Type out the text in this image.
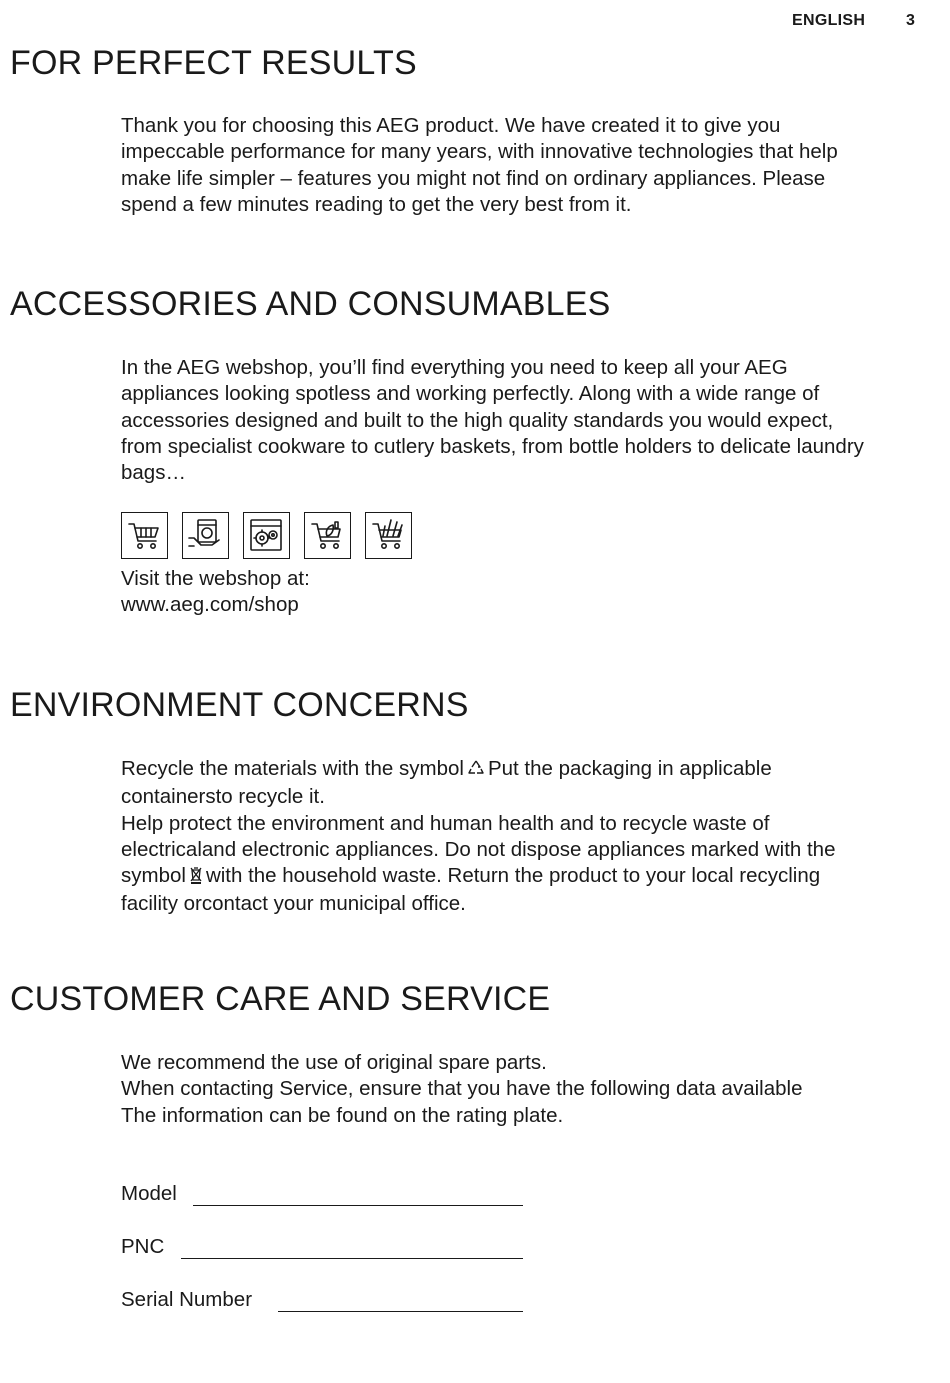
ENGLISH	3
FOR PERFECT RESULTS
Thank you for choosing this AEG product. We have created it to give you
impeccable performance for many years, with innovative technologies that help
make life simpler – features you might not find on ordinary appliances. Please
spend a few minutes reading to get the very best from it.
ACCESSORIES AND CONSUMABLES
In the AEG webshop, you’ll find everything you need to keep all your AEG
appliances looking spotless and working perfectly. Along with a wide range of
accessories designed and built to the high quality standards you would expect,
from specialist cookware to cutlery baskets, from bottle holders to delicate laundry
bags…
Visit the webshop at:
www.aeg.com/shop
ENVIRONMENT CONCERNS
Recycle the materials with the symbol Put the packaging in applicable
containersto recycle it.
Help protect the environment and human health and to recycle waste of
electricaland electronic appliances. Do not dispose appliances marked with the
symbol with the household waste. Return the product to your local recycling
facility orcontact your municipal office.
CUSTOMER CARE AND SERVICE
We recommend the use of original spare parts.
When contacting Service, ensure that you have the following data available
The information can be found on the rating plate.
Model
PNC
Serial Number
